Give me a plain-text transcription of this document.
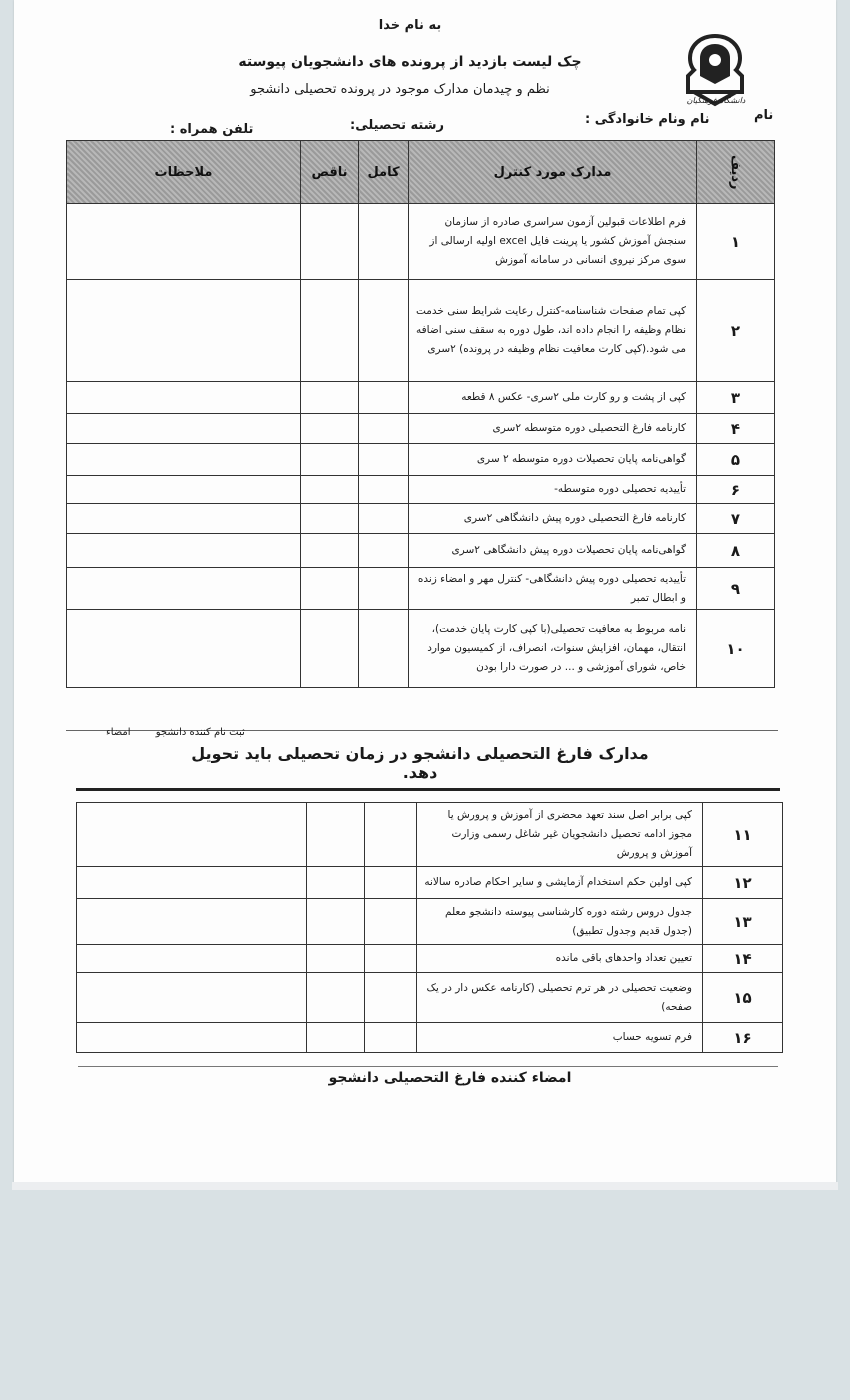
به نام خدا
چک لیست بازدید از پرونده های دانشجویان پیوسته
نظم و چیدمان مدارک موجود در پرونده تحصیلی دانشجو
دانشگاه فرهنگیان
نام
نام ونام خانوادگی :
رشته تحصیلی:
تلفن همراه :
ردیف	مدارک مورد کنترل	کامل	ناقص	ملاحظات
۱	فرم اطلاعات قبولین آزمون سراسری صادره از سازمان سنجش آموزش کشور یا پرینت فایل excel اولیه ارسالی از سوی مرکز نیروی انسانی در سامانه آموزش			
۲	کپی تمام صفحات شناسنامه-کنترل رعایت شرایط سنی خدمت نظام وظیفه را انجام داده اند، طول دوره به سقف سنی اضافه می شود.(کپی کارت معافیت نظام وظیفه در پرونده) ۲سری			
۳	کپی از پشت و رو کارت ملی ۲سری- عکس ۸ قطعه			
۴	کارنامه فارغ التحصیلی دوره متوسطه ۲سری			
۵	گواهی‌نامه پایان تحصیلات دوره متوسطه ۲ سری			
۶	تأییدیه تحصیلی دوره متوسطه-			
۷	کارنامه فارغ التحصیلی دوره پیش دانشگاهی ۲سری			
۸	گواهی‌نامه پایان تحصیلات دوره پیش دانشگاهی ۲سری			
۹	تأییدیه تحصیلی دوره پیش دانشگاهی- کنترل مهر و امضاء زنده و ابطال تمبر			
۱۰	نامه مربوط به معافیت تحصیلی(با کپی کارت پایان خدمت)، انتقال، مهمان، افزایش سنوات، انصراف، از کمیسیون موارد خاص، شورای آموزشی و ... در صورت دارا بودن			
ثبت نام کننده دانشجو امضاء
مدارک فارغ التحصیلی دانشجو در زمان تحصیلی باید تحویل دهد.
۱۱	کپی برابر اصل سند تعهد محضری از آموزش و پرورش یا مجوز ادامه تحصیل دانشجویان غیر شاغل رسمی وزارت آموزش و پرورش			
۱۲	کپی اولین حکم استخدام آزمایشی و سایر احکام صادره سالانه			
۱۳	جدول دروس رشته دوره کارشناسی پیوسته دانشجو معلم (جدول قدیم وجدول تطبیق)			
۱۴	تعیین تعداد واحدهای باقی مانده			
۱۵	وضعیت تحصیلی در هر ترم تحصیلی (کارنامه عکس دار در یک صفحه)			
۱۶	فرم تسویه حساب			
امضاء کننده فارغ التحصیلی دانشجو
